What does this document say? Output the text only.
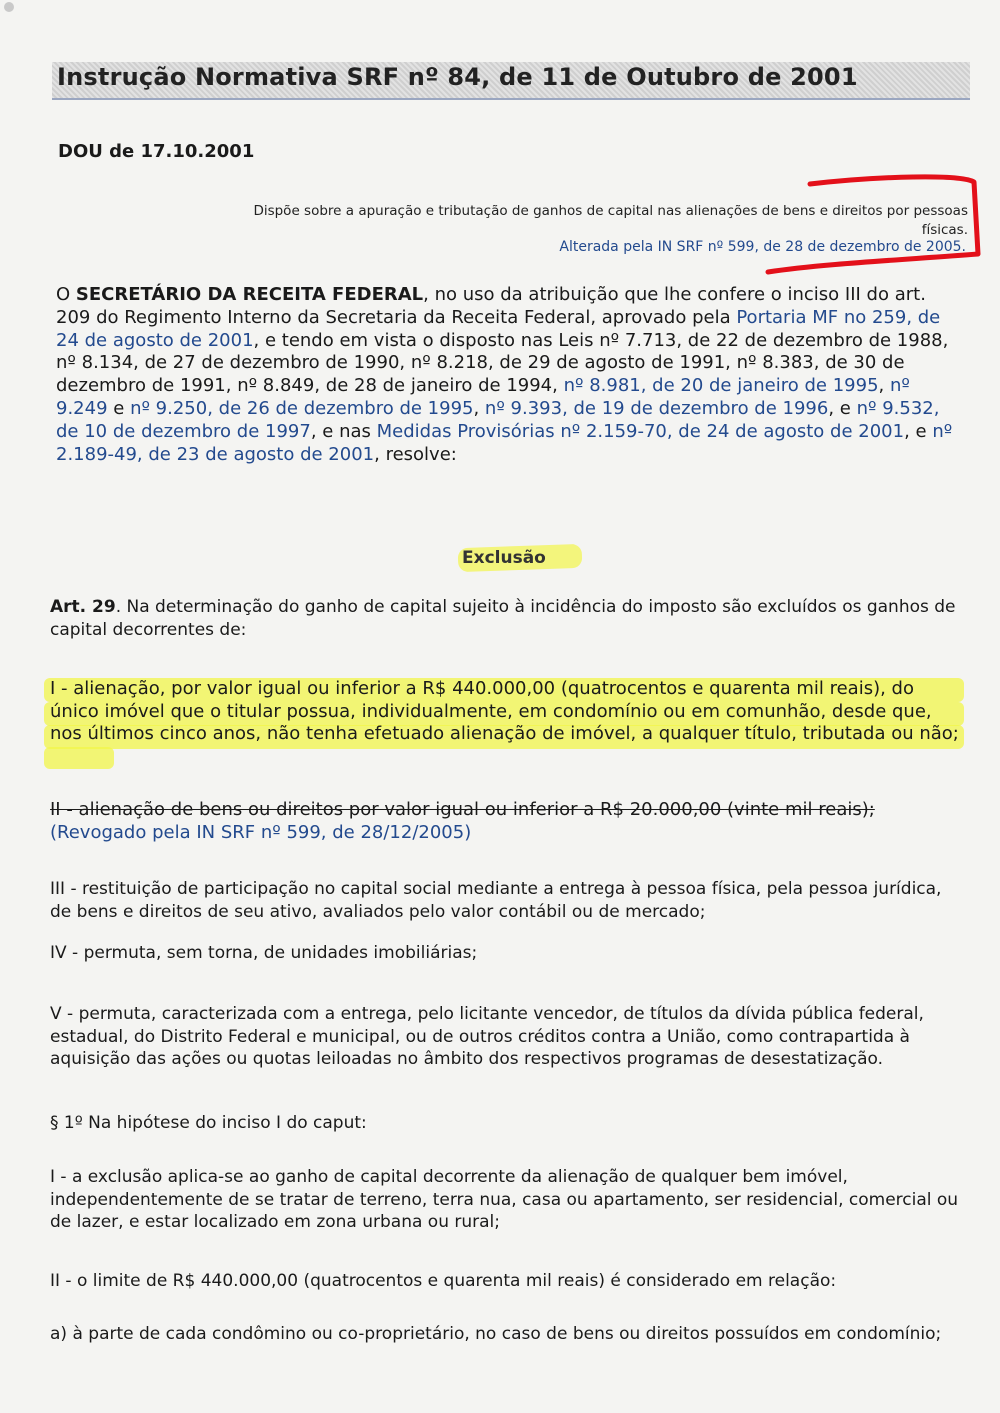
Instrução Normativa SRF nº 84, de 11 de Outubro de 2001
DOU de 17.10.2001
Dispõe sobre a apuração e tributação de ganhos de capital nas alienações de bens e direitos por pessoas
físicas.
Alterada pela IN SRF nº 599, de 28 de dezembro de 2005.
O SECRETÁRIO DA RECEITA FEDERAL, no uso da atribuição que lhe confere o inciso III do art. 209 do Regimento Interno da Secretaria da Receita Federal, aprovado pela Portaria MF no 259, de 24 de agosto de 2001, e tendo em vista o disposto nas Leis nº 7.713, de 22 de dezembro de 1988, nº 8.134, de 27 de dezembro de 1990, nº 8.218, de 29 de agosto de 1991, nº 8.383, de 30 de dezembro de 1991, nº 8.849, de 28 de janeiro de 1994, nº 8.981, de 20 de janeiro de 1995, nº 9.249 e nº 9.250, de 26 de dezembro de 1995, nº 9.393, de 19 de dezembro de 1996, e nº 9.532, de 10 de dezembro de 1997, e nas Medidas Provisórias nº 2.159-70, de 24 de agosto de 2001, e nº 2.189-49, de 23 de agosto de 2001, resolve:
Exclusão
Art. 29. Na determinação do ganho de capital sujeito à incidência do imposto são excluídos os ganhos de capital decorrentes de:
I - alienação, por valor igual ou inferior a R$ 440.000,00 (quatrocentos e quarenta mil reais), do único imóvel que o titular possua, individualmente, em condomínio ou em comunhão, desde que, nos últimos cinco anos, não tenha efetuado alienação de imóvel, a qualquer título, tributada ou não;
II - alienação de bens ou direitos por valor igual ou inferior a R$ 20.000,00 (vinte mil reais); (Revogado pela IN SRF nº 599, de 28/12/2005)
III - restituição de participação no capital social mediante a entrega à pessoa física, pela pessoa jurídica, de bens e direitos de seu ativo, avaliados pelo valor contábil ou de mercado;
IV - permuta, sem torna, de unidades imobiliárias;
V - permuta, caracterizada com a entrega, pelo licitante vencedor, de títulos da dívida pública federal, estadual, do Distrito Federal e municipal, ou de outros créditos contra a União, como contrapartida à aquisição das ações ou quotas leiloadas no âmbito dos respectivos programas de desestatização.
§ 1º Na hipótese do inciso I do caput:
I - a exclusão aplica-se ao ganho de capital decorrente da alienação de qualquer bem imóvel, independentemente de se tratar de terreno, terra nua, casa ou apartamento, ser residencial, comercial ou de lazer, e estar localizado em zona urbana ou rural;
II - o limite de R$ 440.000,00 (quatrocentos e quarenta mil reais) é considerado em relação:
a) à parte de cada condômino ou co-proprietário, no caso de bens ou direitos possuídos em condomínio;
